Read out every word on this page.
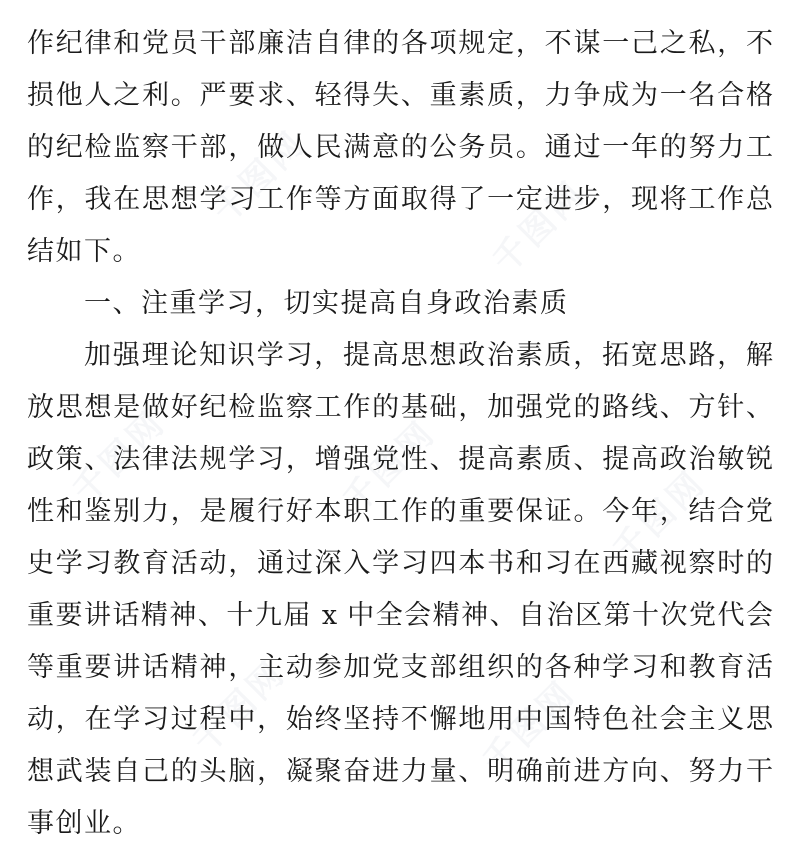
千图网	千图网
千图网	千图网	千图网
千图网	千图网
作纪律和党员干部廉洁自律的各项规定，不谋一己之私，不
损他人之利。严要求、轻得失、重素质，力争成为一名合格
的纪检监察干部，做人民满意的公务员。通过一年的努力工
作，我在思想学习工作等方面取得了一定进步，现将工作总
结如下。
一、注重学习，切实提高自身政治素质
加强理论知识学习，提高思想政治素质，拓宽思路，解
放思想是做好纪检监察工作的基础，加强党的路线、方针、
政策、法律法规学习，增强党性、提高素质、提高政治敏锐
性和鉴别力，是履行好本职工作的重要保证。今年，结合党
史学习教育活动，通过深入学习四本书和习在西藏视察时的
重要讲话精神、十九届 x 中全会精神、自治区第十次党代会
等重要讲话精神，主动参加党支部组织的各种学习和教育活
动，在学习过程中，始终坚持不懈地用中国特色社会主义思
想武装自己的头脑，凝聚奋进力量、明确前进方向、努力干
事创业。
